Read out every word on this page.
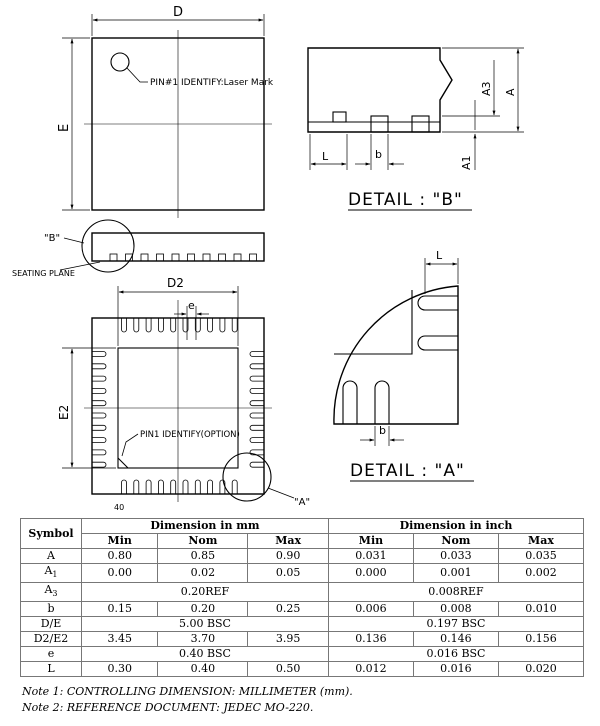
PIN#1 IDENTIFY:Laser Mark
D
E
"B"
SEATING PLANE
A
A3
A1
L	b
DETAIL : "B"
"A"
PIN1 IDENTIFY(OPTION)
40
D2
e
E2
L
b
DETAIL : "A"
Symbol	Dimension in mm			Dimension in inch		
	Min	Nom	Max	Min	Nom	Max
A	0.80	0.85	0.90	0.031	0.033	0.035
$A_1$	0.00	0.02	0.05	0.000	0.001	0.002
$A_3$	0.20REF			0.008REF		
b	0.15	0.20	0.25	0.006	0.008	0.010
D/E	5.00 BSC			0.197 BSC		
D2/E2	3.45	3.70	3.95	0.136	0.146	0.156
e	0.40 BSC			0.016 BSC		
L	0.30	0.40	0.50	0.012	0.016	0.020
Note 1: CONTROLLING DIMENSION: MILLIMETER (mm).
Note 2: REFERENCE DOCUMENT: JEDEC MO-220.
